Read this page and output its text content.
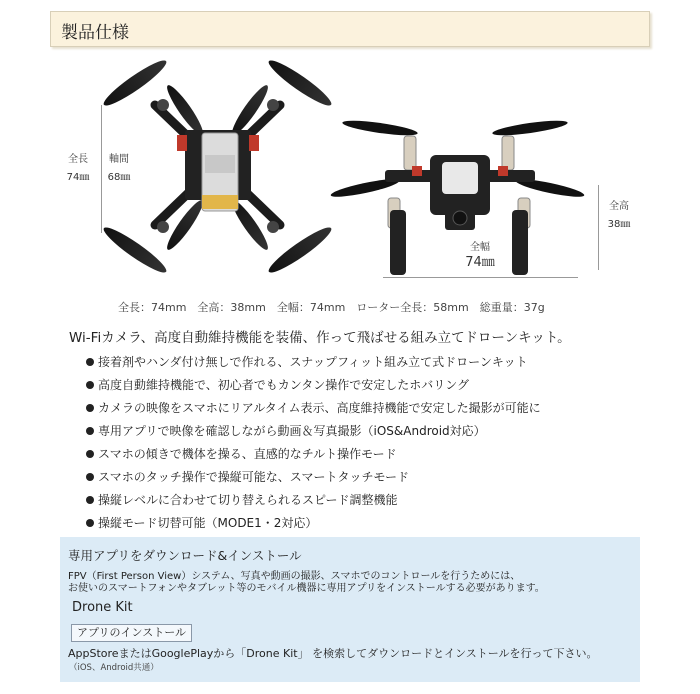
製品仕様
全長
74㎜
軸間
68㎜
全高
38㎜
全幅
74㎜
全長：74mm　全高：38mm　全幅：74mm　ローター全長：58mm　総重量：37g
Wi-Fiカメラ、高度自動維持機能を装備、作って飛ばせる組み立てドローンキット。
接着剤やハンダ付け無しで作れる、スナップフィット組み立て式ドローンキット
高度自動維持機能で、初心者でもカンタン操作で安定したホバリング
カメラの映像をスマホにリアルタイム表示、高度維持機能で安定した撮影が可能に
専用アプリで映像を確認しながら動画＆写真撮影（iOS&Android対応）
スマホの傾きで機体を操る、直感的なチルト操作モード
スマホのタッチ操作で操縦可能な、スマートタッチモード
操縦レベルに合わせて切り替えられるスピード調整機能
操縦モード切替可能（MODE1・2対応）
専用アプリをダウンロード&インストール
FPV（First Person View）システム、写真や動画の撮影、スマホでのコントロールを行うためには、
お使いのスマートフォンやタブレット等のモバイル機器に専用アプリをインストールする必要があります。
Drone Kit
アプリのインストール
AppStoreまたはGooglePlayから「Drone Kit」 を検索してダウンロードとインストールを行って下さい。
（iOS、Android共通）
